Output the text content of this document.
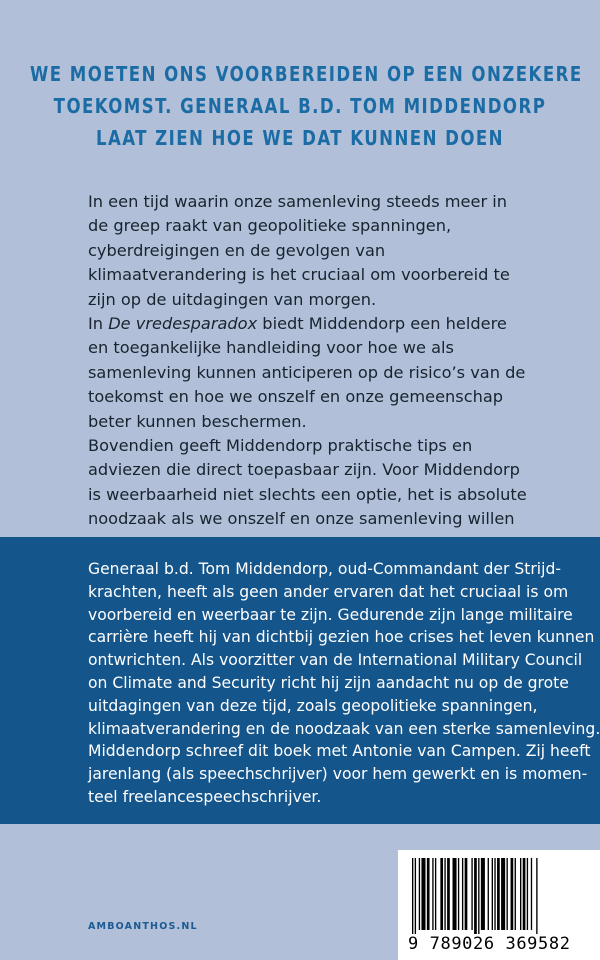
WE MOETEN ONS VOORBEREIDEN OP EEN ONZEKERE
TOEKOMST. GENERAAL B.D. TOM MIDDENDORP
LAAT ZIEN HOE WE DAT KUNNEN DOEN

In een tijd waarin onze samenleving steeds meer in de greep raakt van geopolitieke spanningen, cyberdreigingen en de gevolgen van klimaatverandering is het cruciaal om voorbereid te zijn op de uitdagingen van morgen.

In De vredesparadox biedt Middendorp een heldere en toegankelijke handleiding voor hoe we als samenleving kunnen anticiperen op de risico’s van de toekomst en hoe we onszelf en onze gemeenschap beter kunnen beschermen.

Bovendien geeft Middendorp praktische tips en adviezen die direct toepasbaar zijn. Voor Middendorp is weerbaarheid niet slechts een optie, het is absolute noodzaak als we onszelf en onze samenleving willen

Generaal b.d. Tom Middendorp, oud-Commandant der Strijd-
krachten, heeft als geen ander ervaren dat het cruciaal is om
voorbereid en weerbaar te zijn. Gedurende zijn lange militaire
carrière heeft hij van dichtbij gezien hoe crises het leven kunnen
ontwrichten. Als voorzitter van de International Military Council
on Climate and Security richt hij zijn aandacht nu op de grote
uitdagingen van deze tijd, zoals geopolitieke spanningen,
klimaatverandering en de noodzaak van een sterke samenleving.
Middendorp schreef dit boek met Antonie van Campen. Zij heeft
jarenlang (als speechschrijver) voor hem gewerkt en is momen-
teel freelancespeechschrijver.
AMBOANTHOS.NL
9 789026 369582
